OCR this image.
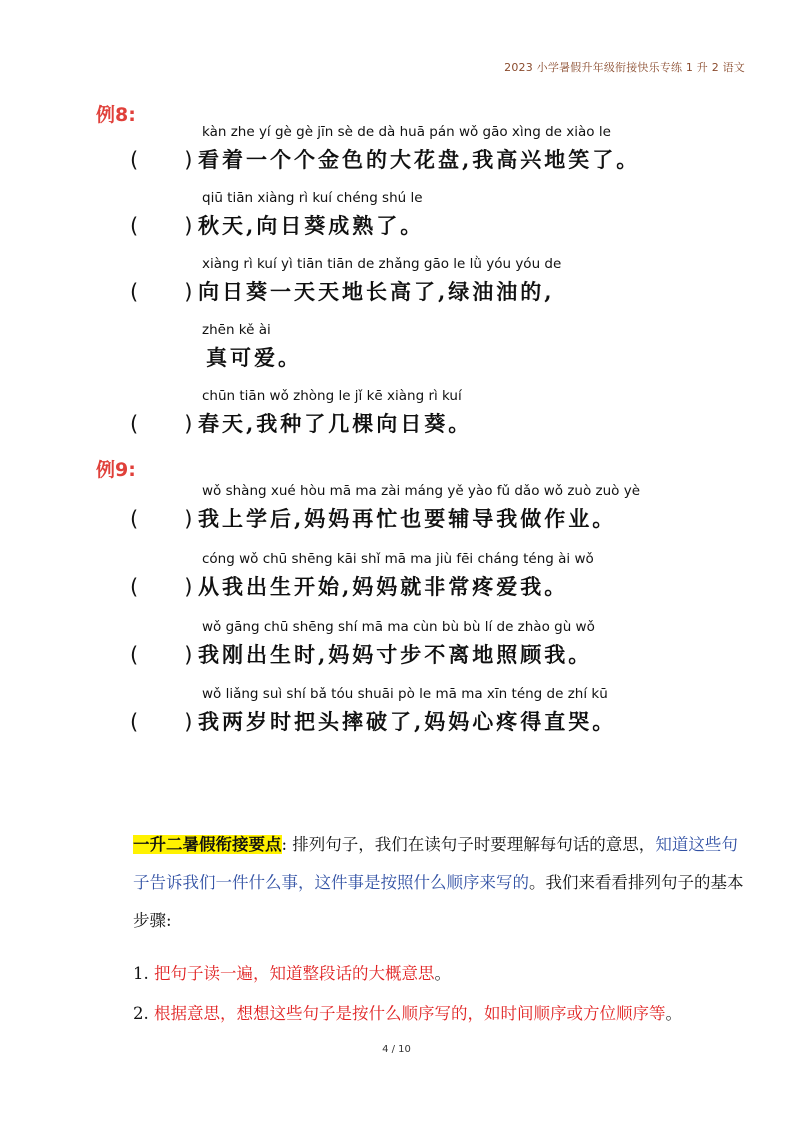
2023 小学暑假升年级衔接快乐专练 1 升 2 语文
例8:
kàn zhe yí gè gè jīn sè de dà huā pán wǒ gāo xìng de xiào le
( ) 看着一个个金色的大花盘,我高兴地笑了。
qiū tiān xiàng rì kuí chéng shú le
( ) 秋天,向日葵成熟了。
xiàng rì kuí yì tiān tiān de zhǎng gāo le lǜ yóu yóu de
( ) 向日葵一天天地长高了,绿油油的,
zhēn kě ài
真可爱。
chūn tiān wǒ zhòng le jǐ kē xiàng rì kuí
( ) 春天,我种了几棵向日葵。
例9:
wǒ shàng xué hòu mā ma zài máng yě yào fǔ dǎo wǒ zuò zuò yè
( ) 我上学后,妈妈再忙也要辅导我做作业。
cóng wǒ chū shēng kāi shǐ mā ma jiù fēi cháng téng ài wǒ
( ) 从我出生开始,妈妈就非常疼爱我。
wǒ gāng chū shēng shí mā ma cùn bù bù lí de zhào gù wǒ
( ) 我刚出生时,妈妈寸步不离地照顾我。
wǒ liǎng suì shí bǎ tóu shuāi pò le mā ma xīn téng de zhí kū
( ) 我两岁时把头摔破了,妈妈心疼得直哭。
一升二暑假衔接要点: 排列句子，我们在读句子时要理解每句话的意思，知道这些句子告诉我们一件什么事，这件事是按照什么顺序来写的。我们来看看排列句子的基本步骤:
1. 把句子读一遍，知道整段话的大概意思。
2. 根据意思，想想这些句子是按什么顺序写的，如时间顺序或方位顺序等。
4 / 10
